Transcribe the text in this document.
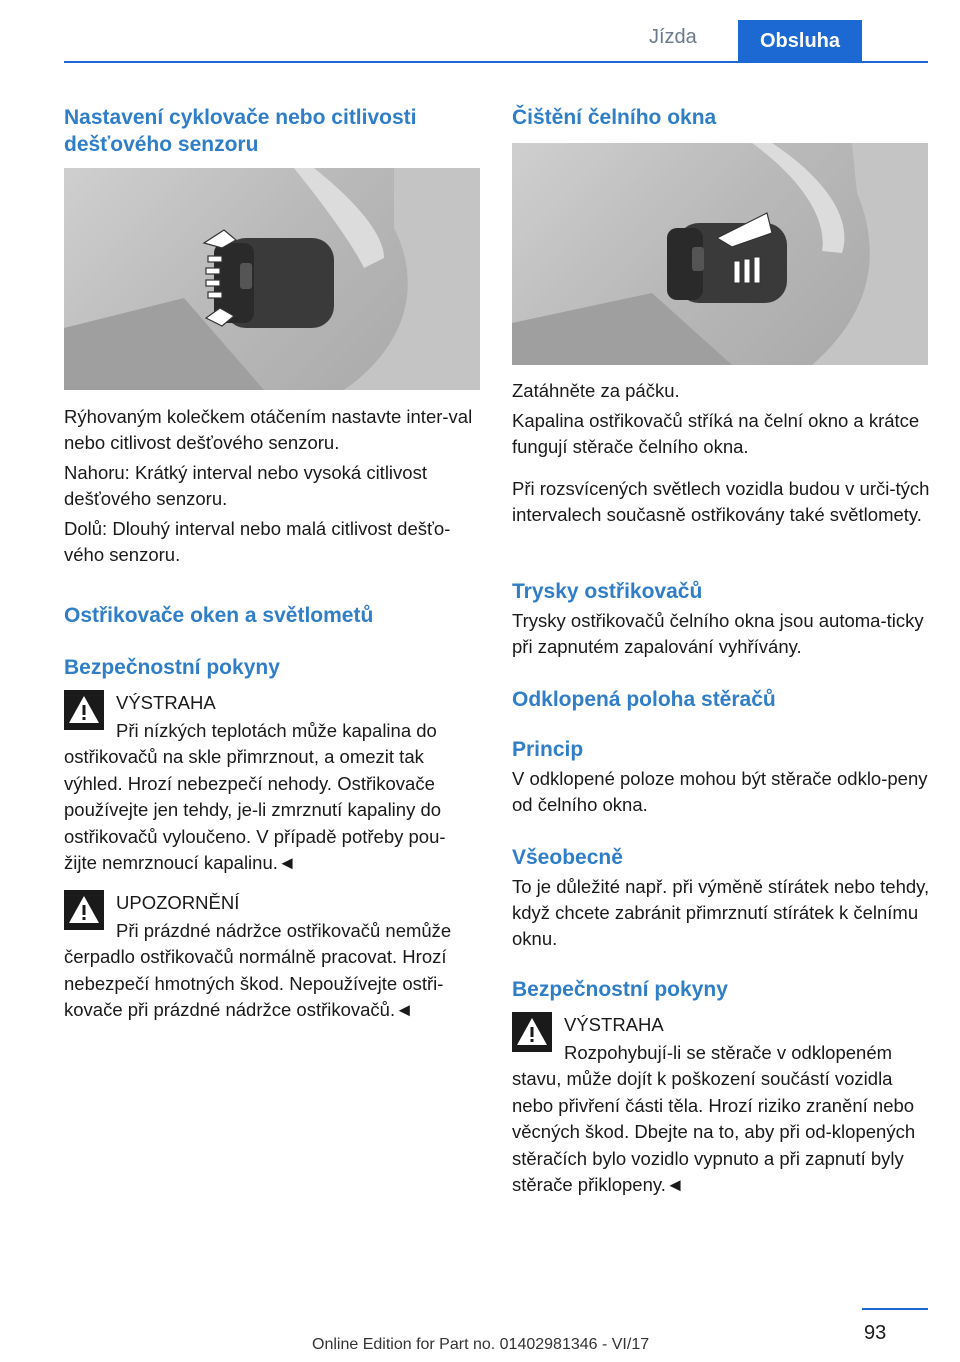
Jízda	Obsluha
Nastavení cyklovače nebo citlivosti dešťového senzoru
Rýhovaným kolečkem otáčením nastavte inter‐val nebo citlivost dešťového senzoru.
Nahoru: Krátký interval nebo vysoká citlivost dešťového senzoru.
Dolů: Dlouhý interval nebo malá citlivost dešťo‐vého senzoru.
Ostřikovače oken a světlometů
Bezpečnostní pokyny
VÝSTRAHA
Při nízkých teplotách může kapalina do ostřikovačů na skle přimrznout, a omezit tak výhled. Hrozí nebezpečí nehody. Ostřikovače používejte jen tehdy, je-li zmrznutí kapaliny do ostřikovačů vyloučeno. V případě potřeby pou‐žijte nemrznoucí kapalinu.◄
UPOZORNĚNÍ
Při prázdné nádržce ostřikovačů nemůže čerpadlo ostřikovačů normálně pracovat. Hrozí nebezpečí hmotných škod. Nepoužívejte ostři‐kovače při prázdné nádržce ostřikovačů.◄
Čištění čelního okna
Zatáhněte za páčku.
Kapalina ostřikovačů stříká na čelní okno a krátce fungují stěrače čelního okna.
Při rozsvícených světlech vozidla budou v urči‐tých intervalech současně ostřikovány také světlomety.
Trysky ostřikovačů
Trysky ostřikovačů čelního okna jsou automa‐ticky při zapnutém zapalování vyhřívány.
Odklopená poloha stěračů
Princip
V odklopené poloze mohou být stěrače odklo‐peny od čelního okna.
Všeobecně
To je důležité např. při výměně stírátek nebo tehdy, když chcete zabránit přimrznutí stírátek k čelnímu oknu.
Bezpečnostní pokyny
VÝSTRAHA
Rozpohybují-li se stěrače v odklopeném stavu, může dojít k poškození součástí vozidla nebo přivření části těla. Hrozí riziko zranění nebo věcných škod. Dbejte na to, aby při od‐klopených stěračích bylo vozidlo vypnuto a při zapnutí byly stěrače přiklopeny.◄
93
Online Edition for Part no. 01402981346 - VI/17
